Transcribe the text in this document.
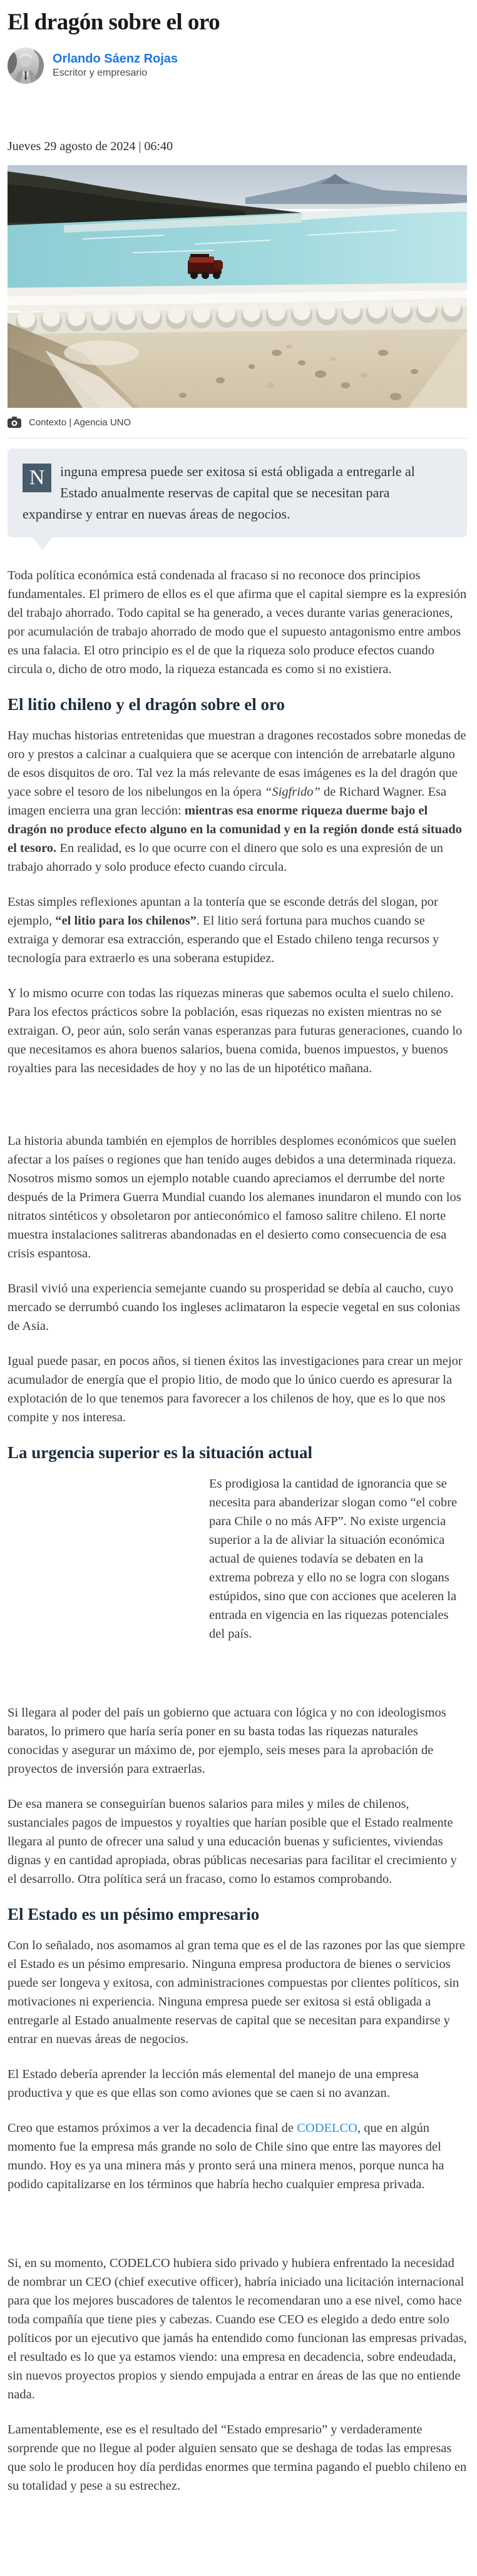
El dragón sobre el oro
Orlando Sáenz Rojas
Escritor y empresario
Jueves 29 agosto de 2024 | 06:40
Contexto | Agencia UNO
N	inguna empresa puede ser exitosa si está obligada a entregarle al Estado anualmente reservas de capital que se necesitan para expandirse y entrar en nuevas áreas de negocios.

Toda política económica está condenada al fracaso si no reconoce dos principios fundamentales. El primero de ellos es el que afirma que el capital siempre es la expresión del trabajo ahorrado. Todo capital se ha generado, a veces durante varias generaciones, por acumulación de trabajo ahorrado de modo que el supuesto antagonismo entre ambos es una falacia. El otro principio es el de que la riqueza solo produce efectos cuando circula o, dicho de otro modo, la riqueza estancada es como si no existiera.

El litio chileno y el dragón sobre el oro

Hay muchas historias entretenidas que muestran a dragones recostados sobre monedas de oro y prestos a calcinar a cualquiera que se acerque con intención de arrebatarle alguno de esos disquitos de oro. Tal vez la más relevante de esas imágenes es la del dragón que yace sobre el tesoro de los nibelungos en la ópera “Sigfrido” de Richard Wagner. Esa imagen encierra una gran lección: mientras esa enorme riqueza duerme bajo el dragón no produce efecto alguno en la comunidad y en la región donde está situado el tesoro. En realidad, es lo que ocurre con el dinero que solo es una expresión de un trabajo ahorrado y solo produce efecto cuando circula.

Estas simples reflexiones apuntan a la tontería que se esconde detrás del slogan, por ejemplo, “el litio para los chilenos”. El litio será fortuna para muchos cuando se extraiga y demorar esa extracción, esperando que el Estado chileno tenga recursos y tecnología para extraerlo es una soberana estupidez.

Y lo mismo ocurre con todas las riquezas mineras que sabemos oculta el suelo chileno. Para los efectos prácticos sobre la población, esas riquezas no existen mientras no se extraigan. O, peor aún, solo serán vanas esperanzas para futuras generaciones, cuando lo que necesitamos es ahora buenos salarios, buena comida, buenos impuestos, y buenos royalties para las necesidades de hoy y no las de un hipotético mañana.

La historia abunda también en ejemplos de horribles desplomes económicos que suelen afectar a los países o regiones que han tenido auges debidos a una determinada riqueza. Nosotros mismo somos un ejemplo notable cuando apreciamos el derrumbe del norte después de la Primera Guerra Mundial cuando los alemanes inundaron el mundo con los nitratos sintéticos y obsoletaron por antieconómico el famoso salitre chileno. El norte muestra instalaciones salitreras abandonadas en el desierto como consecuencia de esa crisis espantosa.

Brasil vivió una experiencia semejante cuando su prosperidad se debía al caucho, cuyo mercado se derrumbó cuando los ingleses aclimataron la especie vegetal en sus colonias de Asia.

Igual puede pasar, en pocos años, si tienen éxitos las investigaciones para crear un mejor acumulador de energía que el propio litio, de modo que lo único cuerdo es apresurar la explotación de lo que tenemos para favorecer a los chilenos de hoy, que es lo que nos compite y nos interesa.

La urgencia superior es la situación actual

Es prodigiosa la cantidad de ignorancia que se necesita para abanderizar slogan como “el cobre para Chile o no más AFP”. No existe urgencia superior a la de aliviar la situación económica actual de quienes todavía se debaten en la extrema pobreza y ello no se logra con slogans estúpidos, sino que con acciones que aceleren la entrada en vigencia en las riquezas potenciales del país.

Si llegara al poder del país un gobierno que actuara con lógica y no con ideologismos baratos, lo primero que haría sería poner en su basta todas las riquezas naturales conocidas y asegurar un máximo de, por ejemplo, seis meses para la aprobación de proyectos de inversión para extraerlas.

De esa manera se conseguirían buenos salarios para miles y miles de chilenos, sustanciales pagos de impuestos y royalties que harían posible que el Estado realmente llegara al punto de ofrecer una salud y una educación buenas y suficientes, viviendas dignas y en cantidad apropiada, obras públicas necesarias para facilitar el crecimiento y el desarrollo. Otra política será un fracaso, como lo estamos comprobando.

El Estado es un pésimo empresario

Con lo señalado, nos asomamos al gran tema que es el de las razones por las que siempre el Estado es un pésimo empresario. Ninguna empresa productora de bienes o servicios puede ser longeva y exitosa, con administraciones compuestas por clientes políticos, sin motivaciones ni experiencia. Ninguna empresa puede ser exitosa si está obligada a entregarle al Estado anualmente reservas de capital que se necesitan para expandirse y entrar en nuevas áreas de negocios.

El Estado debería aprender la lección más elemental del manejo de una empresa productiva y que es que ellas son como aviones que se caen si no avanzan.

Creo que estamos próximos a ver la decadencia final de CODELCO, que en algún momento fue la empresa más grande no solo de Chile sino que entre las mayores del mundo. Hoy es ya una minera más y pronto será una minera menos, porque nunca ha podido capitalizarse en los términos que habría hecho cualquier empresa privada.

Si, en su momento, CODELCO hubiera sido privado y hubiera enfrentado la necesidad de nombrar un CEO (chief executive officer), habría iniciado una licitación internacional para que los mejores buscadores de talentos le recomendaran uno a ese nivel, como hace toda compañía que tiene pies y cabezas. Cuando ese CEO es elegido a dedo entre solo políticos por un ejecutivo que jamás ha entendido como funcionan las empresas privadas, el resultado es lo que ya estamos viendo: una empresa en decadencia, sobre endeudada, sin nuevos proyectos propios y siendo empujada a entrar en áreas de las que no entiende nada.

Lamentablemente, ese es el resultado del “Estado empresario” y verdaderamente sorprende que no llegue al poder alguien sensato que se deshaga de todas las empresas que solo le producen hoy día perdidas enormes que termina pagando el pueblo chileno en su totalidad y pese a su estrechez.
